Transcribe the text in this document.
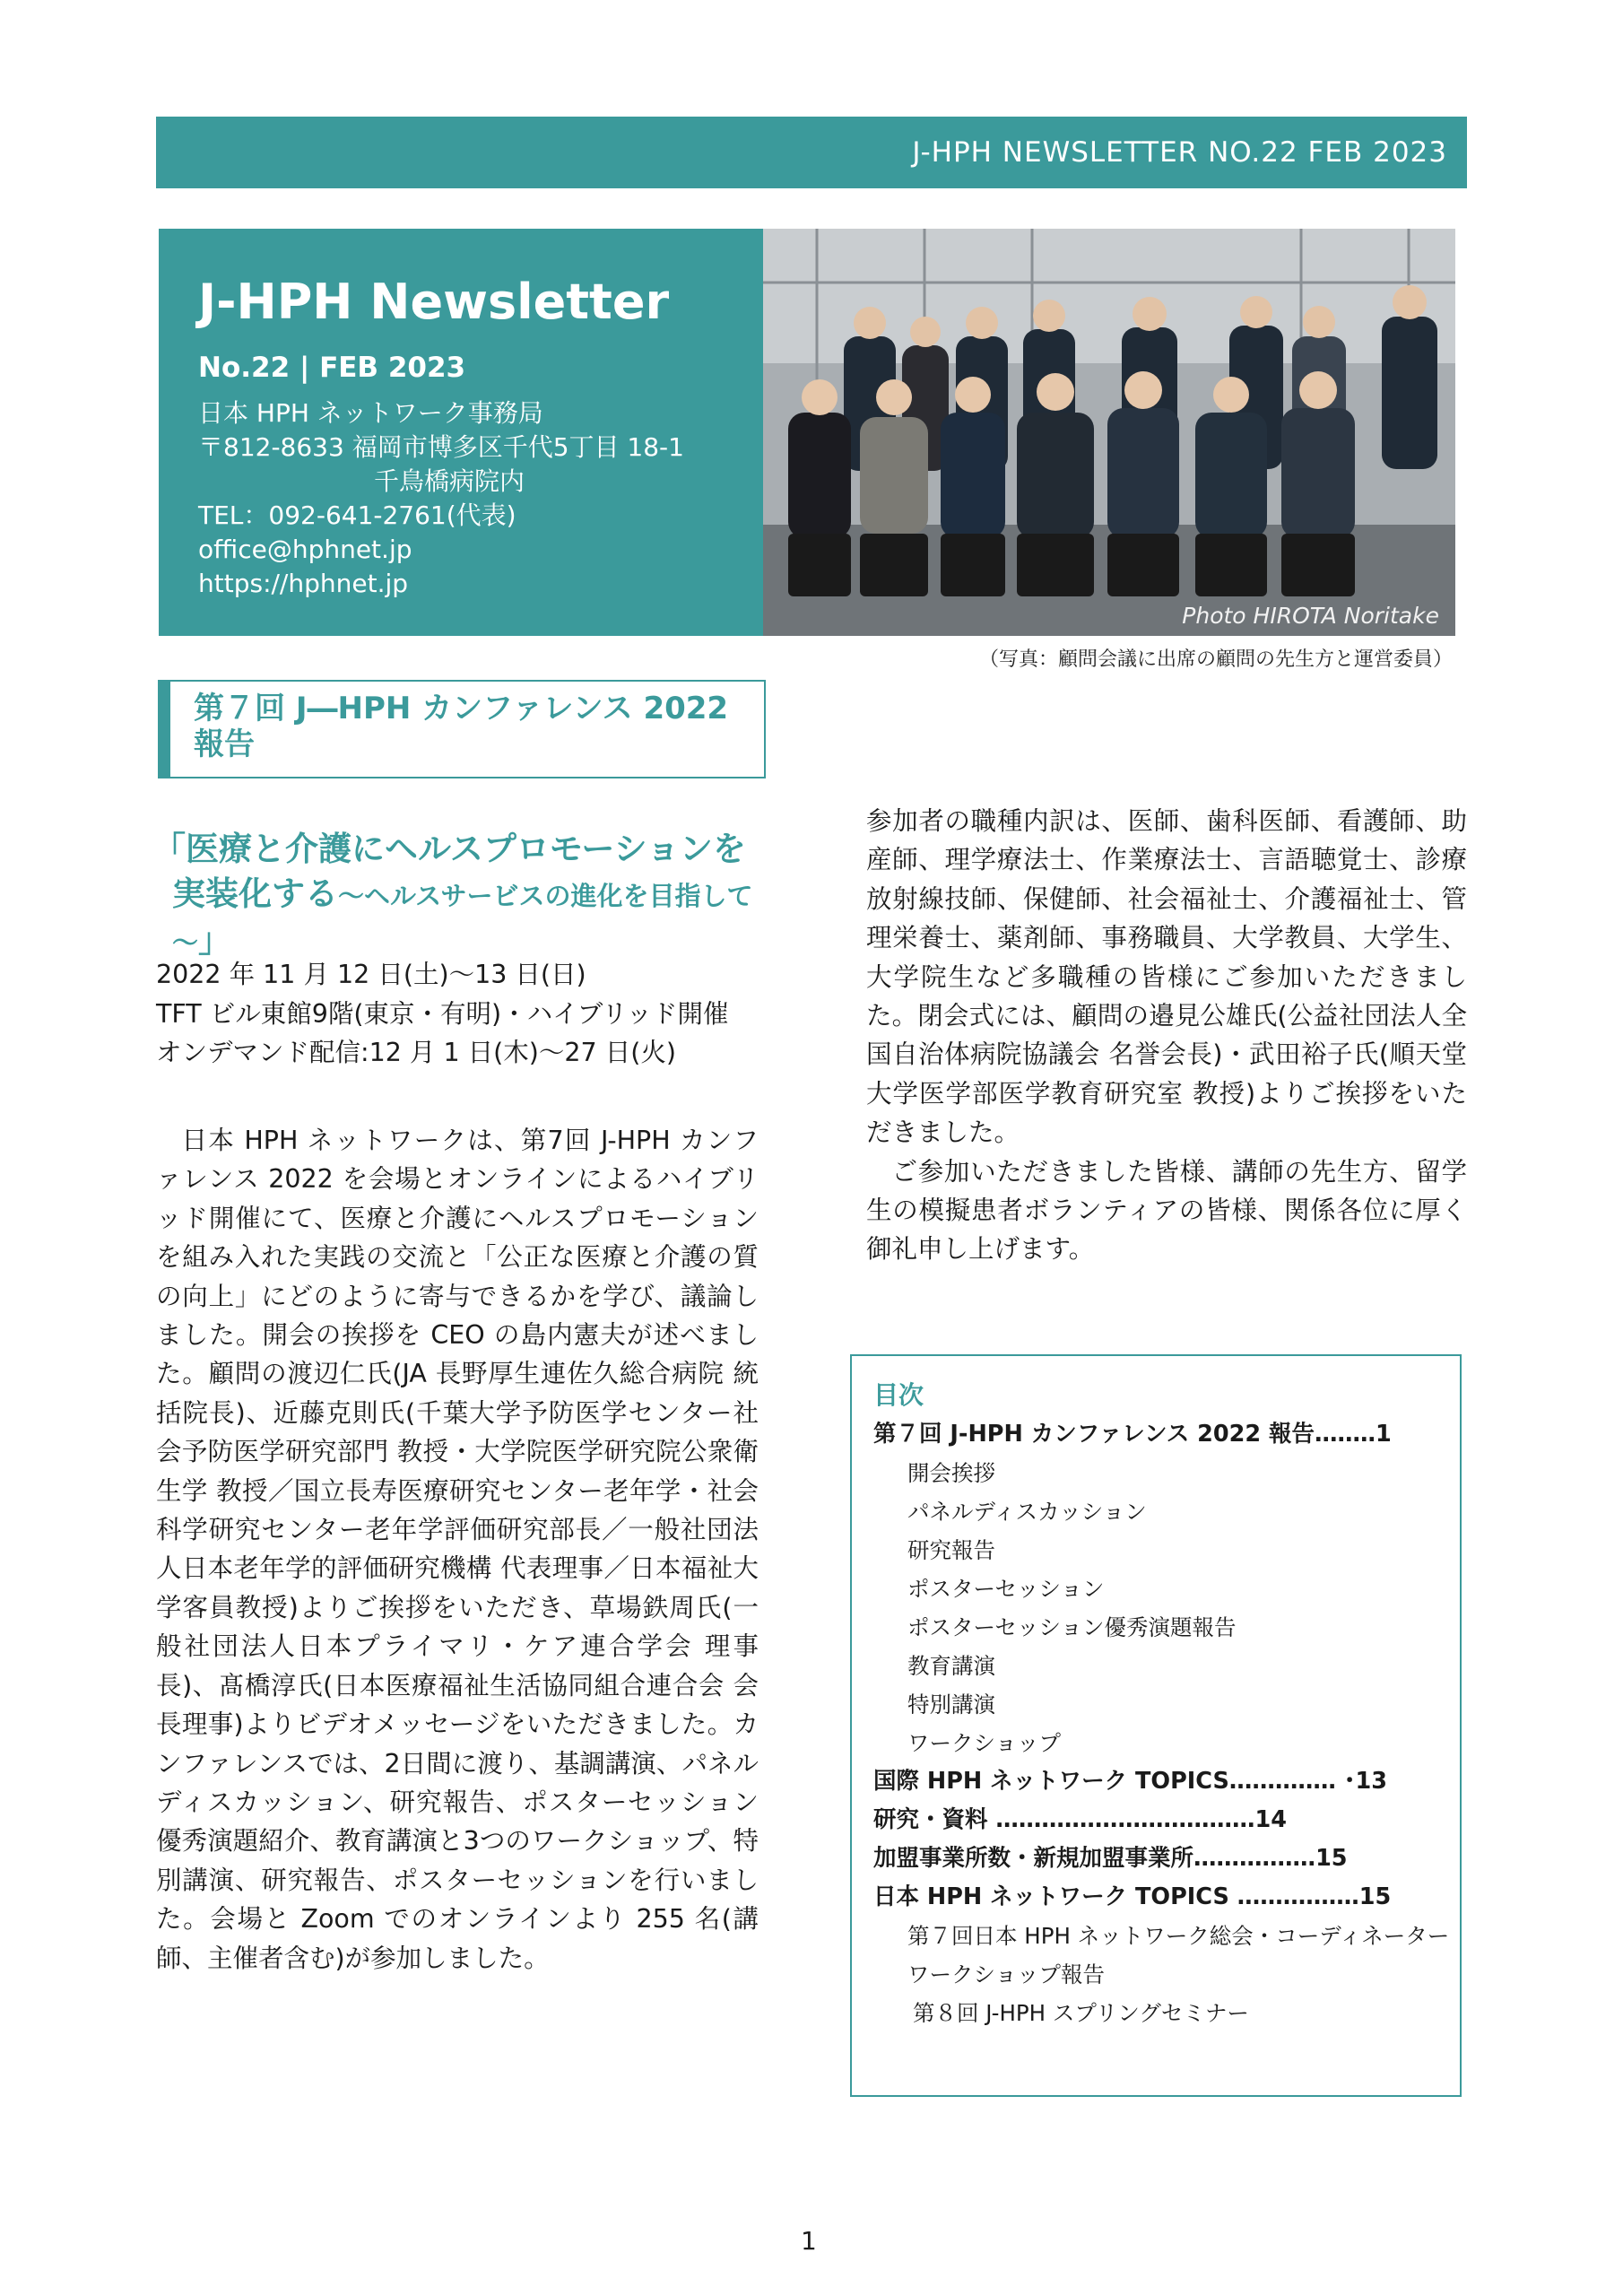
J-HPH NEWSLETTER NO.22 FEB 2023
J-HPH Newsletter
No.22 | FEB 2023
日本 HPH ネットワーク事務局
〒812-8633 福岡市博多区千代5丁目 18-1
千鳥橋病院内
TEL：092-641-2761(代表)
office@hphnet.jp
https://hphnet.jp
Photo HIROTA Noritake
（写真：顧問会議に出席の顧問の先生方と運営委員）
第７回 J―HPH カンファレンス 2022
報告
「医療と介護にヘルスプロモーションを
実装化する～ヘルスサービスの進化を目指して～」
2022 年 11 月 12 日(土)～13 日(日)
TFT ビル東館9階(東京・有明)・ハイブリッド開催
オンデマンド配信:12 月 1 日(木)～27 日(火)

日本 HPH ネットワークは、第7回 J-HPH カンファレンス 2022 を会場とオンラインによるハイブリッド開催にて、医療と介護にヘルスプロモーションを組み入れた実践の交流と「公正な医療と介護の質の向上」にどのように寄与できるかを学び、議論しました。開会の挨拶を CEO の島内憲夫が述べました。顧問の渡辺仁氏(JA 長野厚生連佐久総合病院 統括院長)、近藤克則氏(千葉大学予防医学センター社会予防医学研究部門 教授・大学院医学研究院公衆衛生学 教授／国立長寿医療研究センター老年学・社会科学研究センター老年学評価研究部長／一般社団法人日本老年学的評価研究機構 代表理事／日本福祉大学客員教授)よりご挨拶をいただき、草場鉄周氏(一般社団法人日本プライマリ・ケア連合学会 理事長)、髙橋淳氏(日本医療福祉生活協同組合連合会 会長理事)よりビデオメッセージをいただきました。カンファレンスでは、2日間に渡り、基調講演、パネルディスカッション、研究報告、ポスターセッション優秀演題紹介、教育講演と3つのワークショップ、特別講演、研究報告、ポスターセッションを行いました。会場と Zoom でのオンラインより 255 名(講師、主催者含む)が参加しました。

参加者の職種内訳は、医師、歯科医師、看護師、助産師、理学療法士、作業療法士、言語聴覚士、診療放射線技師、保健師、社会福祉士、介護福祉士、管理栄養士、薬剤師、事務職員、大学教員、大学生、大学院生など多職種の皆様にご参加いただきました。閉会式には、顧問の邉見公雄氏(公益社団法人全国自治体病院協議会 名誉会長)・武田裕子氏(順天堂大学医学部医学教育研究室 教授)よりご挨拶をいただきました。

ご参加いただきました皆様、講師の先生方、留学生の模擬患者ボランティアの皆様、関係各位に厚く御礼申し上げます。

目次
第７回 J-HPH カンファレンス 2022 報告‥‥‥‥1
開会挨拶
パネルディスカッション
研究報告
ポスターセッション
ポスターセッション優秀演題報告
教育講演
特別講演
ワークショップ
国際 HPH ネットワーク TOPICS‥‥‥‥‥‥‥ ･13
研究・資料 ‥‥‥‥‥‥‥‥‥‥‥‥‥‥‥‥‥14
加盟事業所数・新規加盟事業所‥‥‥‥‥‥‥‥15
日本 HPH ネットワーク TOPICS ‥‥‥‥‥‥‥‥15
第７回日本 HPH ネットワーク総会・コーディネーター
ワークショップ報告
第８回 J-HPH スプリングセミナー
1
